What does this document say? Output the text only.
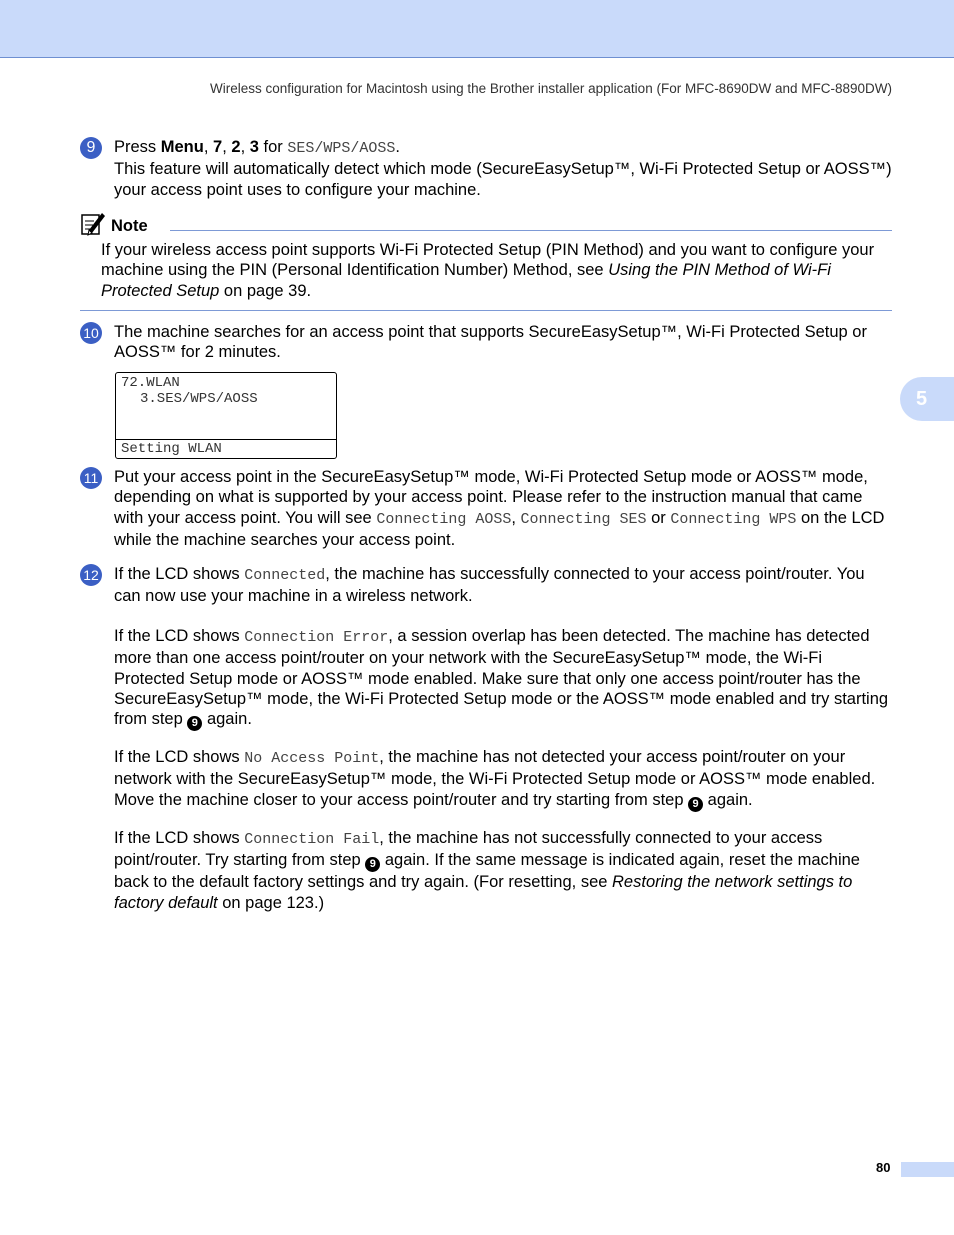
Wireless configuration for Macintosh using the Brother installer application (For MFC-8690DW and MFC-8890DW)
9	Press Menu, 7, 2, 3 for SES/WPS/AOSS.
This feature will automatically detect which mode (SecureEasySetup™, Wi-Fi Protected Setup or AOSS™) your access point uses to configure your machine.
Note
If your wireless access point supports Wi-Fi Protected Setup (PIN Method) and you want to configure your machine using the PIN (Personal Identification Number) Method, see Using the PIN Method of Wi-Fi Protected Setup on page 39.
10 The machine searches for an access point that supports SecureEasySetup™, Wi-Fi Protected Setup or AOSS™ for 2 minutes.
72.WLAN
3.SES/WPS/AOSS
Setting WLAN
11 Put your access point in the SecureEasySetup™ mode, Wi-Fi Protected Setup mode or AOSS™ mode, depending on what is supported by your access point. Please refer to the instruction manual that came with your access point. You will see Connecting AOSS, Connecting SES or Connecting WPS on the LCD while the machine searches your access point.
12 If the LCD shows Connected, the machine has successfully connected to your access point/router. You can now use your machine in a wireless network.
If the LCD shows Connection Error, a session overlap has been detected. The machine has detected more than one access point/router on your network with the SecureEasySetup™ mode, the Wi-Fi Protected Setup mode or AOSS™ mode enabled. Make sure that only one access point/router has the SecureEasySetup™ mode, the Wi-Fi Protected Setup mode or the AOSS™ mode enabled and try starting from step 9 again.
If the LCD shows No Access Point, the machine has not detected your access point/router on your network with the SecureEasySetup™ mode, the Wi-Fi Protected Setup mode or AOSS™ mode enabled. Move the machine closer to your access point/router and try starting from step 9 again.
If the LCD shows Connection Fail, the machine has not successfully connected to your access point/router. Try starting from step 9 again. If the same message is indicated again, reset the machine back to the default factory settings and try again. (For resetting, see Restoring the network settings to factory default on page 123.)
5
80
